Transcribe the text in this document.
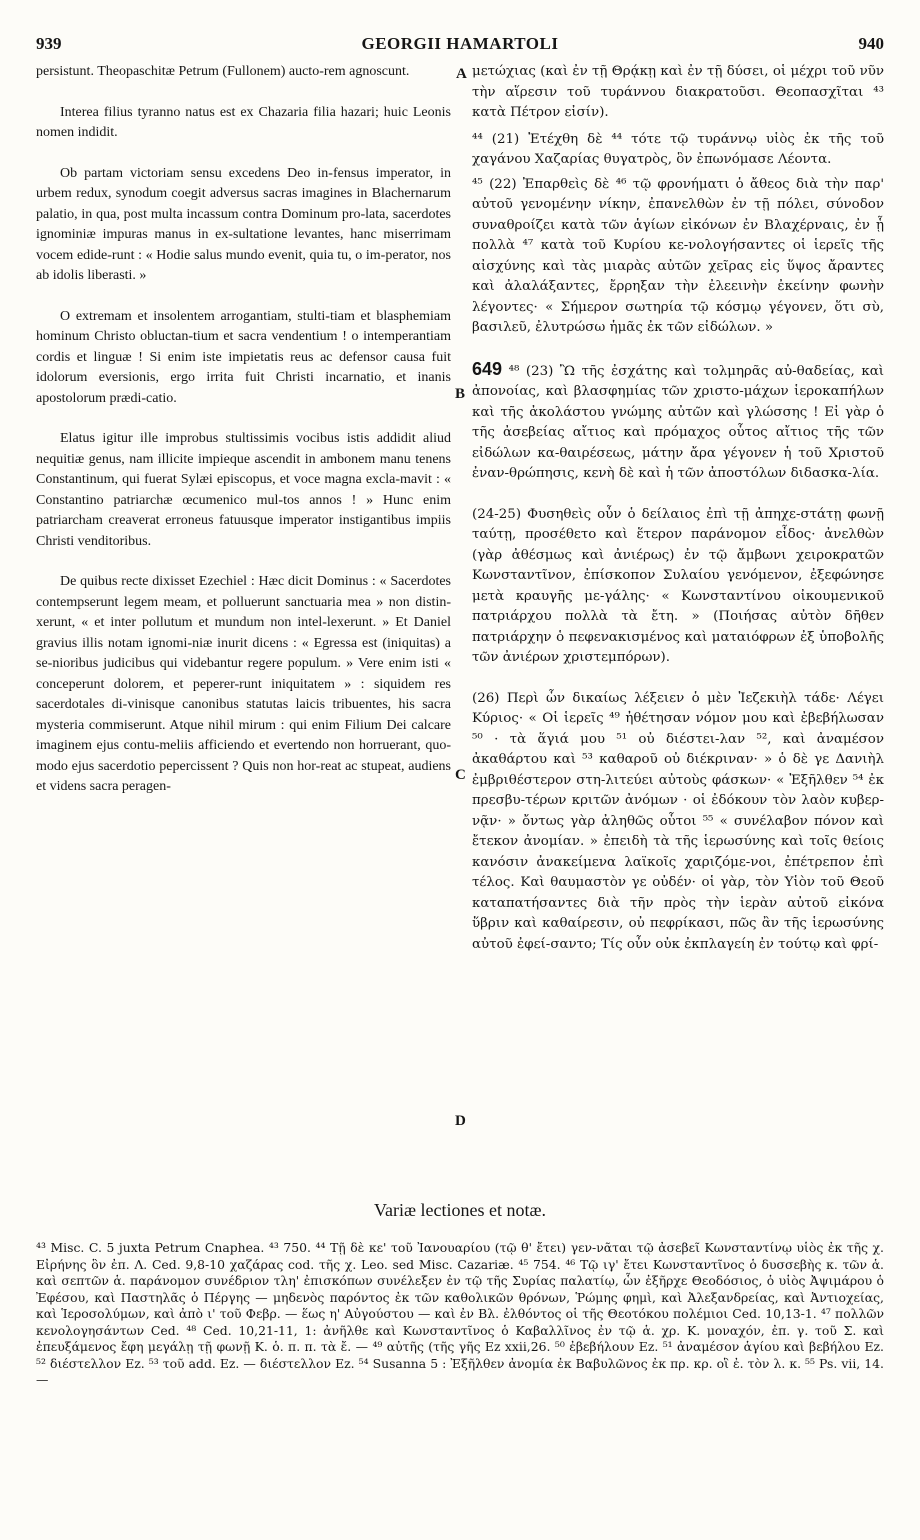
939	GEORGII HAMARTOLI	940
A
B
C
D

persistunt. Theopaschitæ Petrum (Fullonem) aucto-rem agnoscunt.

Interea filius tyranno natus est ex Chazaria filia hazari; huic Leonis nomen indidit.

Ob partam victoriam sensu excedens Deo in-fensus imperator, in urbem redux, synodum coegit adversus sacras imagines in Blachernarum palatio, in qua, post multa incassum contra Dominum pro-lata, sacerdotes ignominiæ impuras manus in ex-sultatione levantes, hanc miserrimam vocem edide-runt : « Hodie salus mundo evenit, quia tu, o im-perator, nos ab idolis liberasti. »

O extremam et insolentem arrogantiam, stulti-tiam et blasphemiam hominum Christo obluctan-tium et sacra vendentium ! o intemperantiam cordis et linguæ ! Si enim iste impietatis reus ac defensor causa fuit idolorum eversionis, ergo irrita fuit Christi incarnatio, et inanis apostolorum prædi-catio.

Elatus igitur ille improbus stultissimis vocibus istis addidit aliud nequitiæ genus, nam illicite impieque ascendit in ambonem manu tenens Constantinum, qui fuerat Sylæi episcopus, et voce magna excla-mavit : « Constantino patriarchæ œcumenico mul-tos annos ! » Hunc enim patriarcham creaverat erroneus fatuusque imperator instigantibus impiis Christi venditoribus.

De quibus recte dixisset Ezechiel : Hæc dicit Dominus : « Sacerdotes contempserunt legem meam, et polluerunt sanctuaria mea » non distin-xerunt, « et inter pollutum et mundum non intel-lexerunt. » Et Daniel gravius illis notam ignomi-niæ inurit dicens : « Egressa est (iniquitas) a se-nioribus judicibus qui videbantur regere populum. » Vere enim isti « conceperunt dolorem, et peperer-runt iniquitatem » : siquidem res sacerdotales di-vinisque canonibus statutas laicis tribuentes, his sacra mysteria commiserunt. Atque nihil mirum : qui enim Filium Dei calcare imaginem ejus contu-meliis afficiendo et evertendo non horruerant, quo-modo ejus sacerdotio pepercissent ? Quis non hor-reat ac stupeat, audiens et videns sacra peragen-

μετώχιας (καὶ ἐν τῇ Θρᾴκῃ καὶ ἐν τῇ δύσει, οἱ μέχρι τοῦ νῦν τὴν αἵρεσιν τοῦ τυράννου διακρατοῦσι. Θεοπασχῖται ⁴³ κατὰ Πέτρον εἰσίν).

⁴⁴ (21) Ἐτέχθη δὲ ⁴⁴ τότε τῷ τυράννῳ υἱὸς ἐκ τῆς τοῦ χαγάνου Χαζαρίας θυγατρὸς, ὃν ἐπωνόμασε Λέοντα.

⁴⁵ (22) Ἐπαρθεὶς δὲ ⁴⁶ τῷ φρονήματι ὁ ἄθεος διὰ τὴν παρ' αὐτοῦ γενομένην νίκην, ἐπανελθὼν ἐν τῇ πόλει, σύνοδον συναθροίζει κατὰ τῶν ἁγίων εἰκόνων ἐν Βλαχέρναις, ἐν ᾗ πολλὰ ⁴⁷ κατὰ τοῦ Κυρίου κε-νολογήσαντες οἱ ἱερεῖς τῆς αἰσχύνης καὶ τὰς μιαρὰς αὐτῶν χεῖρας εἰς ὕψος ἄραντες καὶ ἀλαλάξαντες, ἔρρηξαν τὴν ἐλεεινὴν ἐκείνην φωνὴν λέγοντες· « Σήμερον σωτηρία τῷ κόσμῳ γέγονεν, ὅτι σὺ, βασιλεῦ, ἐλυτρώσω ἡμᾶς ἐκ τῶν εἰδώλων. »

649 ⁴⁸ (23) Ὢ τῆς ἐσχάτης καὶ τολμηρᾶς αὐ-θαδείας, καὶ ἀπονοίας, καὶ βλασφημίας τῶν χριστο-μάχων ἱεροκαπήλων καὶ τῆς ἀκολάστου γνώμης αὐτῶν καὶ γλώσσης ! Εἰ γὰρ ὁ τῆς ἀσεβείας αἴτιος καὶ πρόμαχος οὗτος αἴτιος τῆς τῶν εἰδώλων κα-θαιρέσεως, μάτην ἄρα γέγονεν ἡ τοῦ Χριστοῦ ἐναν-θρώπησις, κενὴ δὲ καὶ ἡ τῶν ἀποστόλων διδασκα-λία.

(24-25) Φυσηθεὶς οὖν ὁ δείλαιος ἐπὶ τῇ ἀπηχε-στάτῃ φωνῇ ταύτῃ, προσέθετο καὶ ἕτερον παράνομον εἶδος· ἀνελθὼν (γὰρ ἀθέσμως καὶ ἀνιέρως) ἐν τῷ ἄμβωνι χειροκρατῶν Κωνσταντῖνον, ἐπίσκοπον Συλαίου γενόμενον, ἐξεφώνησε μετὰ κραυγῆς με-γάλης· « Κωνσταντίνου οἰκουμενικοῦ πατριάρχου πολλὰ τὰ ἔτη. » (Ποιήσας αὐτὸν δῆθεν πατριάρχην ὁ πεφενακισμένος καὶ ματαιόφρων ἐξ ὑποβολῆς τῶν ἀνιέρων χριστεμπόρων).

(26) Περὶ ὧν δικαίως λέξειεν ὁ μὲν Ἰεζεκιὴλ τάδε· Λέγει Κύριος· « Οἱ ἱερεῖς ⁴⁹ ἠθέτησαν νόμον μου καὶ ἐβεβήλωσαν ⁵⁰ · τὰ ἅγιά μου ⁵¹ οὐ διέστει-λαν ⁵², καὶ ἀναμέσον ἀκαθάρτου καὶ ⁵³ καθαροῦ οὐ διέκριναν· » ὁ δὲ γε Δανιὴλ ἐμβριθέστερον στη-λιτεύει αὐτοὺς φάσκων· « Ἐξῆλθεν ⁵⁴ ἐκ πρεσβυ-τέρων κριτῶν ἀνόμων · οἱ ἐδόκουν τὸν λαὸν κυβερ-νᾷν· » ὄντως γὰρ ἀληθῶς οὗτοι ⁵⁵ « συνέλαβον πόνον καὶ ἔτεκον ἀνομίαν. » ἐπειδὴ τὰ τῆς ἱερωσύνης καὶ τοῖς θείοις κανόσιν ἀνακείμενα λαϊκοῖς χαριζόμε-νοι, ἐπέτρεπον ἐπὶ τέλος. Καὶ θαυμαστὸν γε οὐδέν· οἱ γὰρ, τὸν Υἱὸν τοῦ Θεοῦ καταπατήσαντες διὰ τῆν πρὸς τὴν ἱερὰν αὐτοῦ εἰκόνα ὕβριν καὶ καθαίρεσιν, οὐ πεφρίκασι, πῶς ἂν τῆς ἱερωσύνης αὐτοῦ ἐφεί-σαντο; Τίς οὖν οὐκ ἐκπλαγείη ἐν τούτῳ καὶ φρί-

Variæ lectiones et notæ.
⁴³ Misc. C. 5 juxta Petrum Cnaphea. ⁴³ 750. ⁴⁴ Τῇ δὲ κε' τοῦ Ἰανουαρίου (τῷ θ' ἔτει) γεν-νᾶται τῷ ἀσεβεῖ Κωνσταντίνῳ υἱὸς ἐκ τῆς χ. Εἰρήνης ὃν ἐπ. Λ. Ced. 9,8-10 χαζάρας cod. τῆς χ. Leo. sed Misc. Cazariæ. ⁴⁵ 754. ⁴⁶ Τῷ ιγ' ἔτει Κωνσταντῖνος ὁ δυσσεβὴς κ. τῶν ἁ. καὶ σεπτῶν ἁ. παράνομον συνέδριον τλη' ἐπισκόπων συνέλεξεν ἐν τῷ τῆς Συρίας παλατίῳ, ὧν ἐξῆρχε Θεοδόσιος, ὁ υἱὸς Ἀψιμάρου ὁ Ἐφέσου, καὶ Παστηλᾶς ὁ Πέργης — μηδενὸς παρόντος ἐκ τῶν καθολικῶν θρόνων, Ῥώμης φημὶ, καὶ Ἀλεξανδρείας, καὶ Ἀντιοχείας, καὶ Ἱεροσολύμων, καὶ ἀπὸ ι' τοῦ Φεβρ. — ἕως η' Αὐγούστου — καὶ ἐν Βλ. ἐλθόντος οἱ τῆς Θεοτόκου πολέμιοι Ced. 10,13-1. ⁴⁷ πολλῶν κενολογησάντων Ced. ⁴⁸ Ced. 10,21-11, 1: ἀνῆλθε καὶ Κωνσταντῖνος ὁ Καβαλλῖνος ἐν τῷ ἁ. χρ. Κ. μοναχόν, ἐπ. γ. τοῦ Σ. καὶ ἐπευξάμενος ἔφη μεγάλῃ τῇ φωνῇ Κ. ὁ. π. π. τὰ ἔ. — ⁴⁹ αὐτῆς (τῆς γῆς Ez xxii,26. ⁵⁰ ἐβεβήλουν Ez. ⁵¹ ἀναμέσον ἁγίου καὶ βεβήλου Ez. ⁵² διέστελλον Ez. ⁵³ τοῦ add. Ez. — διέστελλον Ez. ⁵⁴ Susanna 5 : Ἐξῆλθεν ἀνομία ἐκ Βαβυλῶνος ἐκ πρ. κρ. οἳ ἐ. τὸν λ. κ. ⁵⁵ Ps. vii, 14. —
